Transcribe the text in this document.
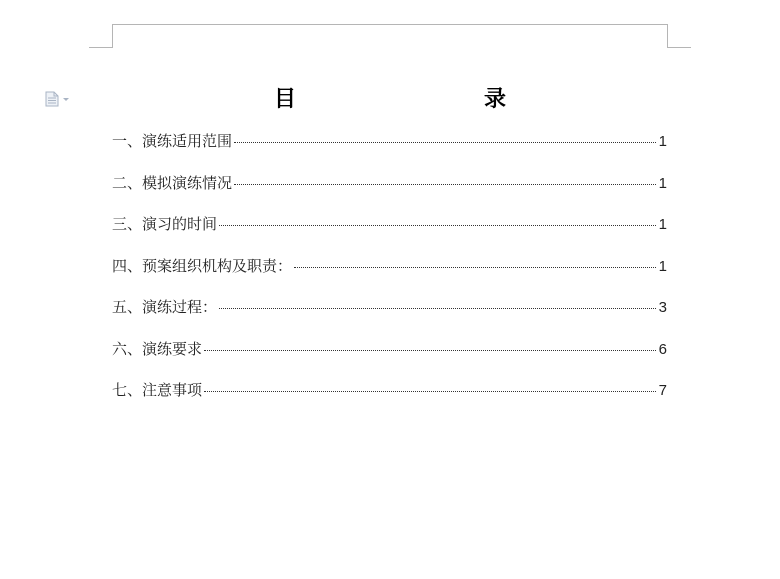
目　　录
一、演练适用范围	1
二、模拟演练情况	1
三、演习的时间	1
四、预案组织机构及职责：	1
五、演练过程：	3
六、演练要求	6
七、注意事项	7
